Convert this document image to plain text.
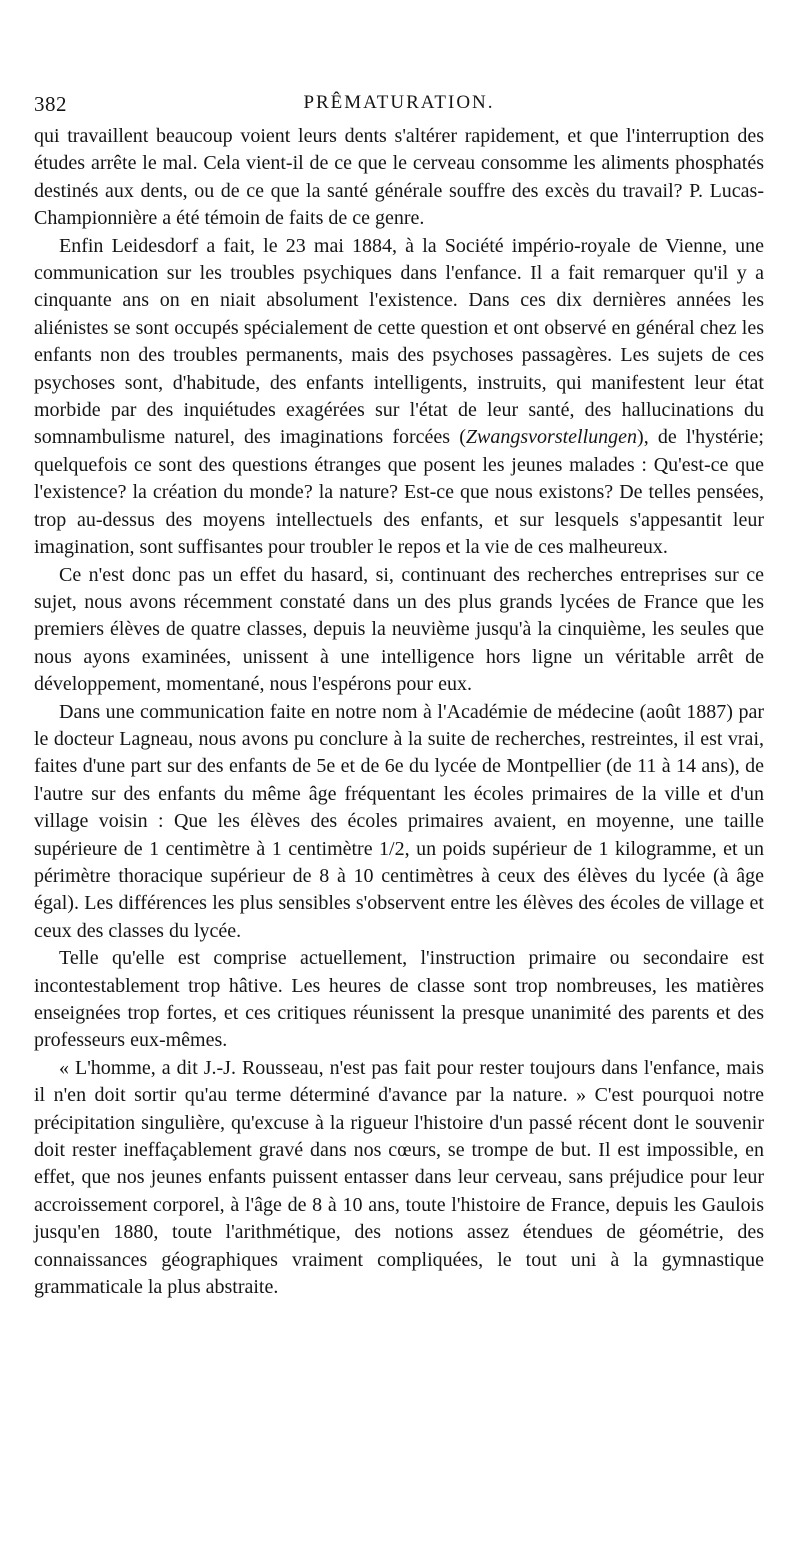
382	PRÊMATURATION.

qui travaillent beaucoup voient leurs dents s'altérer rapidement, et que l'interruption des études arrête le mal. Cela vient-il de ce que le cerveau consomme les aliments phosphatés destinés aux dents, ou de ce que la santé générale souffre des excès du travail? P. Lucas-Championnière a été témoin de faits de ce genre.

Enfin Leidesdorf a fait, le 23 mai 1884, à la Société império-royale de Vienne, une communication sur les troubles psychiques dans l'enfance. Il a fait remarquer qu'il y a cinquante ans on en niait absolument l'existence. Dans ces dix dernières années les aliénistes se sont occupés spécialement de cette question et ont observé en général chez les enfants non des troubles permanents, mais des psychoses passagères. Les sujets de ces psychoses sont, d'habitude, des enfants intelligents, instruits, qui manifestent leur état morbide par des inquiétudes exagérées sur l'état de leur santé, des hallucinations du somnambulisme naturel, des imaginations forcées (Zwangsvorstellungen), de l'hystérie; quelquefois ce sont des questions étranges que posent les jeunes malades : Qu'est-ce que l'existence? la création du monde? la nature? Est-ce que nous existons? De telles pensées, trop au-dessus des moyens intellectuels des enfants, et sur lesquels s'appesantit leur imagination, sont suffisantes pour troubler le repos et la vie de ces malheureux.

Ce n'est donc pas un effet du hasard, si, continuant des recherches entreprises sur ce sujet, nous avons récemment constaté dans un des plus grands lycées de France que les premiers élèves de quatre classes, depuis la neuvième jusqu'à la cinquième, les seules que nous ayons examinées, unissent à une intelligence hors ligne un véritable arrêt de développement, momentané, nous l'espérons pour eux.

Dans une communication faite en notre nom à l'Académie de médecine (août 1887) par le docteur Lagneau, nous avons pu conclure à la suite de recherches, restreintes, il est vrai, faites d'une part sur des enfants de 5e et de 6e du lycée de Montpellier (de 11 à 14 ans), de l'autre sur des enfants du même âge fréquentant les écoles primaires de la ville et d'un village voisin : Que les élèves des écoles primaires avaient, en moyenne, une taille supérieure de 1 centimètre à 1 centimètre 1/2, un poids supérieur de 1 kilogramme, et un périmètre thoracique supérieur de 8 à 10 centimètres à ceux des élèves du lycée (à âge égal). Les différences les plus sensibles s'observent entre les élèves des écoles de village et ceux des classes du lycée.

Telle qu'elle est comprise actuellement, l'instruction primaire ou secondaire est incontestablement trop hâtive. Les heures de classe sont trop nombreuses, les matières enseignées trop fortes, et ces critiques réunissent la presque unanimité des parents et des professeurs eux-mêmes.

« L'homme, a dit J.-J. Rousseau, n'est pas fait pour rester toujours dans l'enfance, mais il n'en doit sortir qu'au terme déterminé d'avance par la nature. » C'est pourquoi notre précipitation singulière, qu'excuse à la rigueur l'histoire d'un passé récent dont le souvenir doit rester ineffaçablement gravé dans nos cœurs, se trompe de but. Il est impossible, en effet, que nos jeunes enfants puissent entasser dans leur cerveau, sans préjudice pour leur accroissement corporel, à l'âge de 8 à 10 ans, toute l'histoire de France, depuis les Gaulois jusqu'en 1880, toute l'arithmétique, des notions assez étendues de géométrie, des connaissances géographiques vraiment compliquées, le tout uni à la gymnastique grammaticale la plus abstraite.
